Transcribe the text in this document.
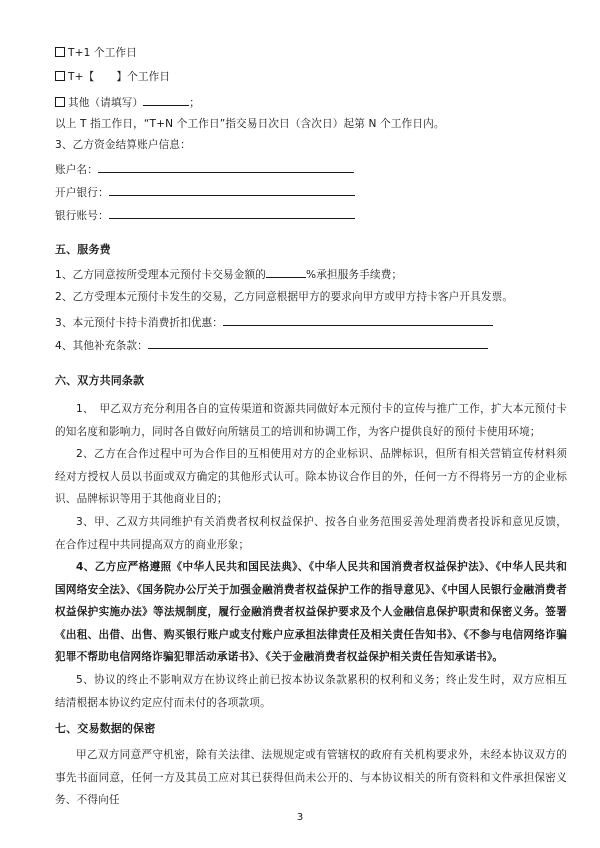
T+1 个工作日
T+【 】个工作日
其他（请填写）	；
以上 T 指工作日，“T+N 个工作日”指交易日次日（含次日）起第 N 个工作日内。
3、乙方资金结算账户信息：
账户名：
开户银行：
银行账号：
五、服务费
1、乙方同意按所受理本元预付卡交易金额的	%承担服务手续费；
2、乙方受理本元预付卡发生的交易，乙方同意根据甲方的要求向甲方或甲方持卡客户开具发票。
3、本元预付卡持卡消费折扣优惠：
4、其他补充条款：
六、双方共同条款
1、　甲乙双方充分利用各自的宣传渠道和资源共同做好本元预付卡的宣传与推广工作，扩大本元预付卡的知名度和影响力，同时各自做好向所辖员工的培训和协调工作，为客户提供良好的预付卡使用环境；
2、乙方在合作过程中可为合作目的互相使用对方的企业标识、品牌标识，但所有相关营销宣传材料须经对方授权人员以书面或双方确定的其他形式认可。除本协议合作目的外，任何一方不得将另一方的企业标识、品牌标识等用于其他商业目的；
3、甲、乙双方共同维护有关消费者权利权益保护、按各自业务范围妥善处理消费者投诉和意见反馈，在合作过程中共同提高双方的商业形象；
4、乙方应严格遵照《中华人民共和国民法典》、《中华人民共和国消费者权益保护法》、《中华人民共和国网络安全法》、《国务院办公厅关于加强金融消费者权益保护工作的指导意见》、《中国人民银行金融消费者权益保护实施办法》等法规制度，履行金融消费者权益保护要求及个人金融信息保护职责和保密义务。签署《出租、出借、出售、购买银行账户或支付账户应承担法律责任及相关责任告知书》、《不参与电信网络诈骗犯罪不帮助电信网络诈骗犯罪活动承诺书》、《关于金融消费者权益保护相关责任告知承诺书》。
5、协议的终止不影响双方在协议终止前已按本协议条款累积的权利和义务；终止发生时，双方应相互结清根据本协议约定应付而未付的各项款项。
七、交易数据的保密
甲乙双方同意严守机密，除有关法律、法规规定或有管辖权的政府有关机构要求外，未经本协议双方的事先书面同意，任何一方及其员工应对其已获得但尚未公开的、与本协议相关的所有资料和文件承担保密义务、不得向任
3
